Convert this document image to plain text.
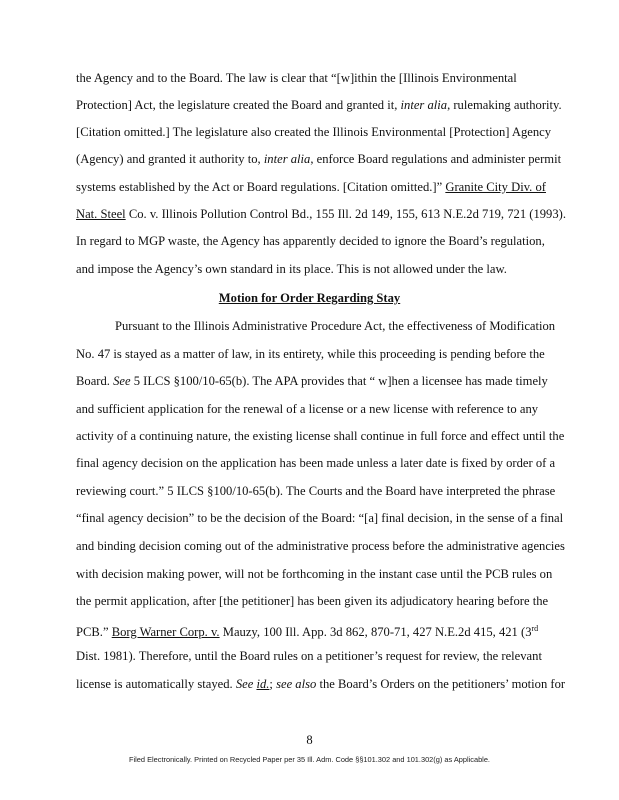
the Agency and to the Board. The law is clear that “[w]ithin the [Illinois Environmental
Protection] Act, the legislature created the Board and granted it, inter alia, rulemaking authority.
[Citation omitted.] The legislature also created the Illinois Environmental [Protection] Agency
(Agency) and granted it authority to, inter alia, enforce Board regulations and administer permit
systems established by the Act or Board regulations. [Citation omitted.]” Granite City Div. of
Nat. Steel Co. v. Illinois Pollution Control Bd., 155 Ill. 2d 149, 155, 613 N.E.2d 719, 721 (1993).
In regard to MGP waste, the Agency has apparently decided to ignore the Board’s regulation,
and impose the Agency’s own standard in its place. This is not allowed under the law.
Motion for Order Regarding Stay
Pursuant to the Illinois Administrative Procedure Act, the effectiveness of Modification
No. 47 is stayed as a matter of law, in its entirety, while this proceeding is pending before the
Board. See 5 ILCS §100/10-65(b). The APA provides that “ w]hen a licensee has made timely
and sufficient application for the renewal of a license or a new license with reference to any
activity of a continuing nature, the existing license shall continue in full force and effect until the
final agency decision on the application has been made unless a later date is fixed by order of a
reviewing court.” 5 ILCS §100/10-65(b). The Courts and the Board have interpreted the phrase
“final agency decision” to be the decision of the Board: “[a] final decision, in the sense of a final
and binding decision coming out of the administrative process before the administrative agencies
with decision making power, will not be forthcoming in the instant case until the PCB rules on
the permit application, after [the petitioner] has been given its adjudicatory hearing before the
PCB.” Borg Warner Corp. v. Mauzy, 100 Ill. App. 3d 862, 870-71, 427 N.E.2d 415, 421 (3rd
Dist. 1981). Therefore, until the Board rules on a petitioner’s request for review, the relevant
license is automatically stayed. See id.; see also the Board’s Orders on the petitioners’ motion for
8
Filed Electronically. Printed on Recycled Paper per 35 Ill. Adm. Code §§101.302 and 101.302(g) as Applicable.
